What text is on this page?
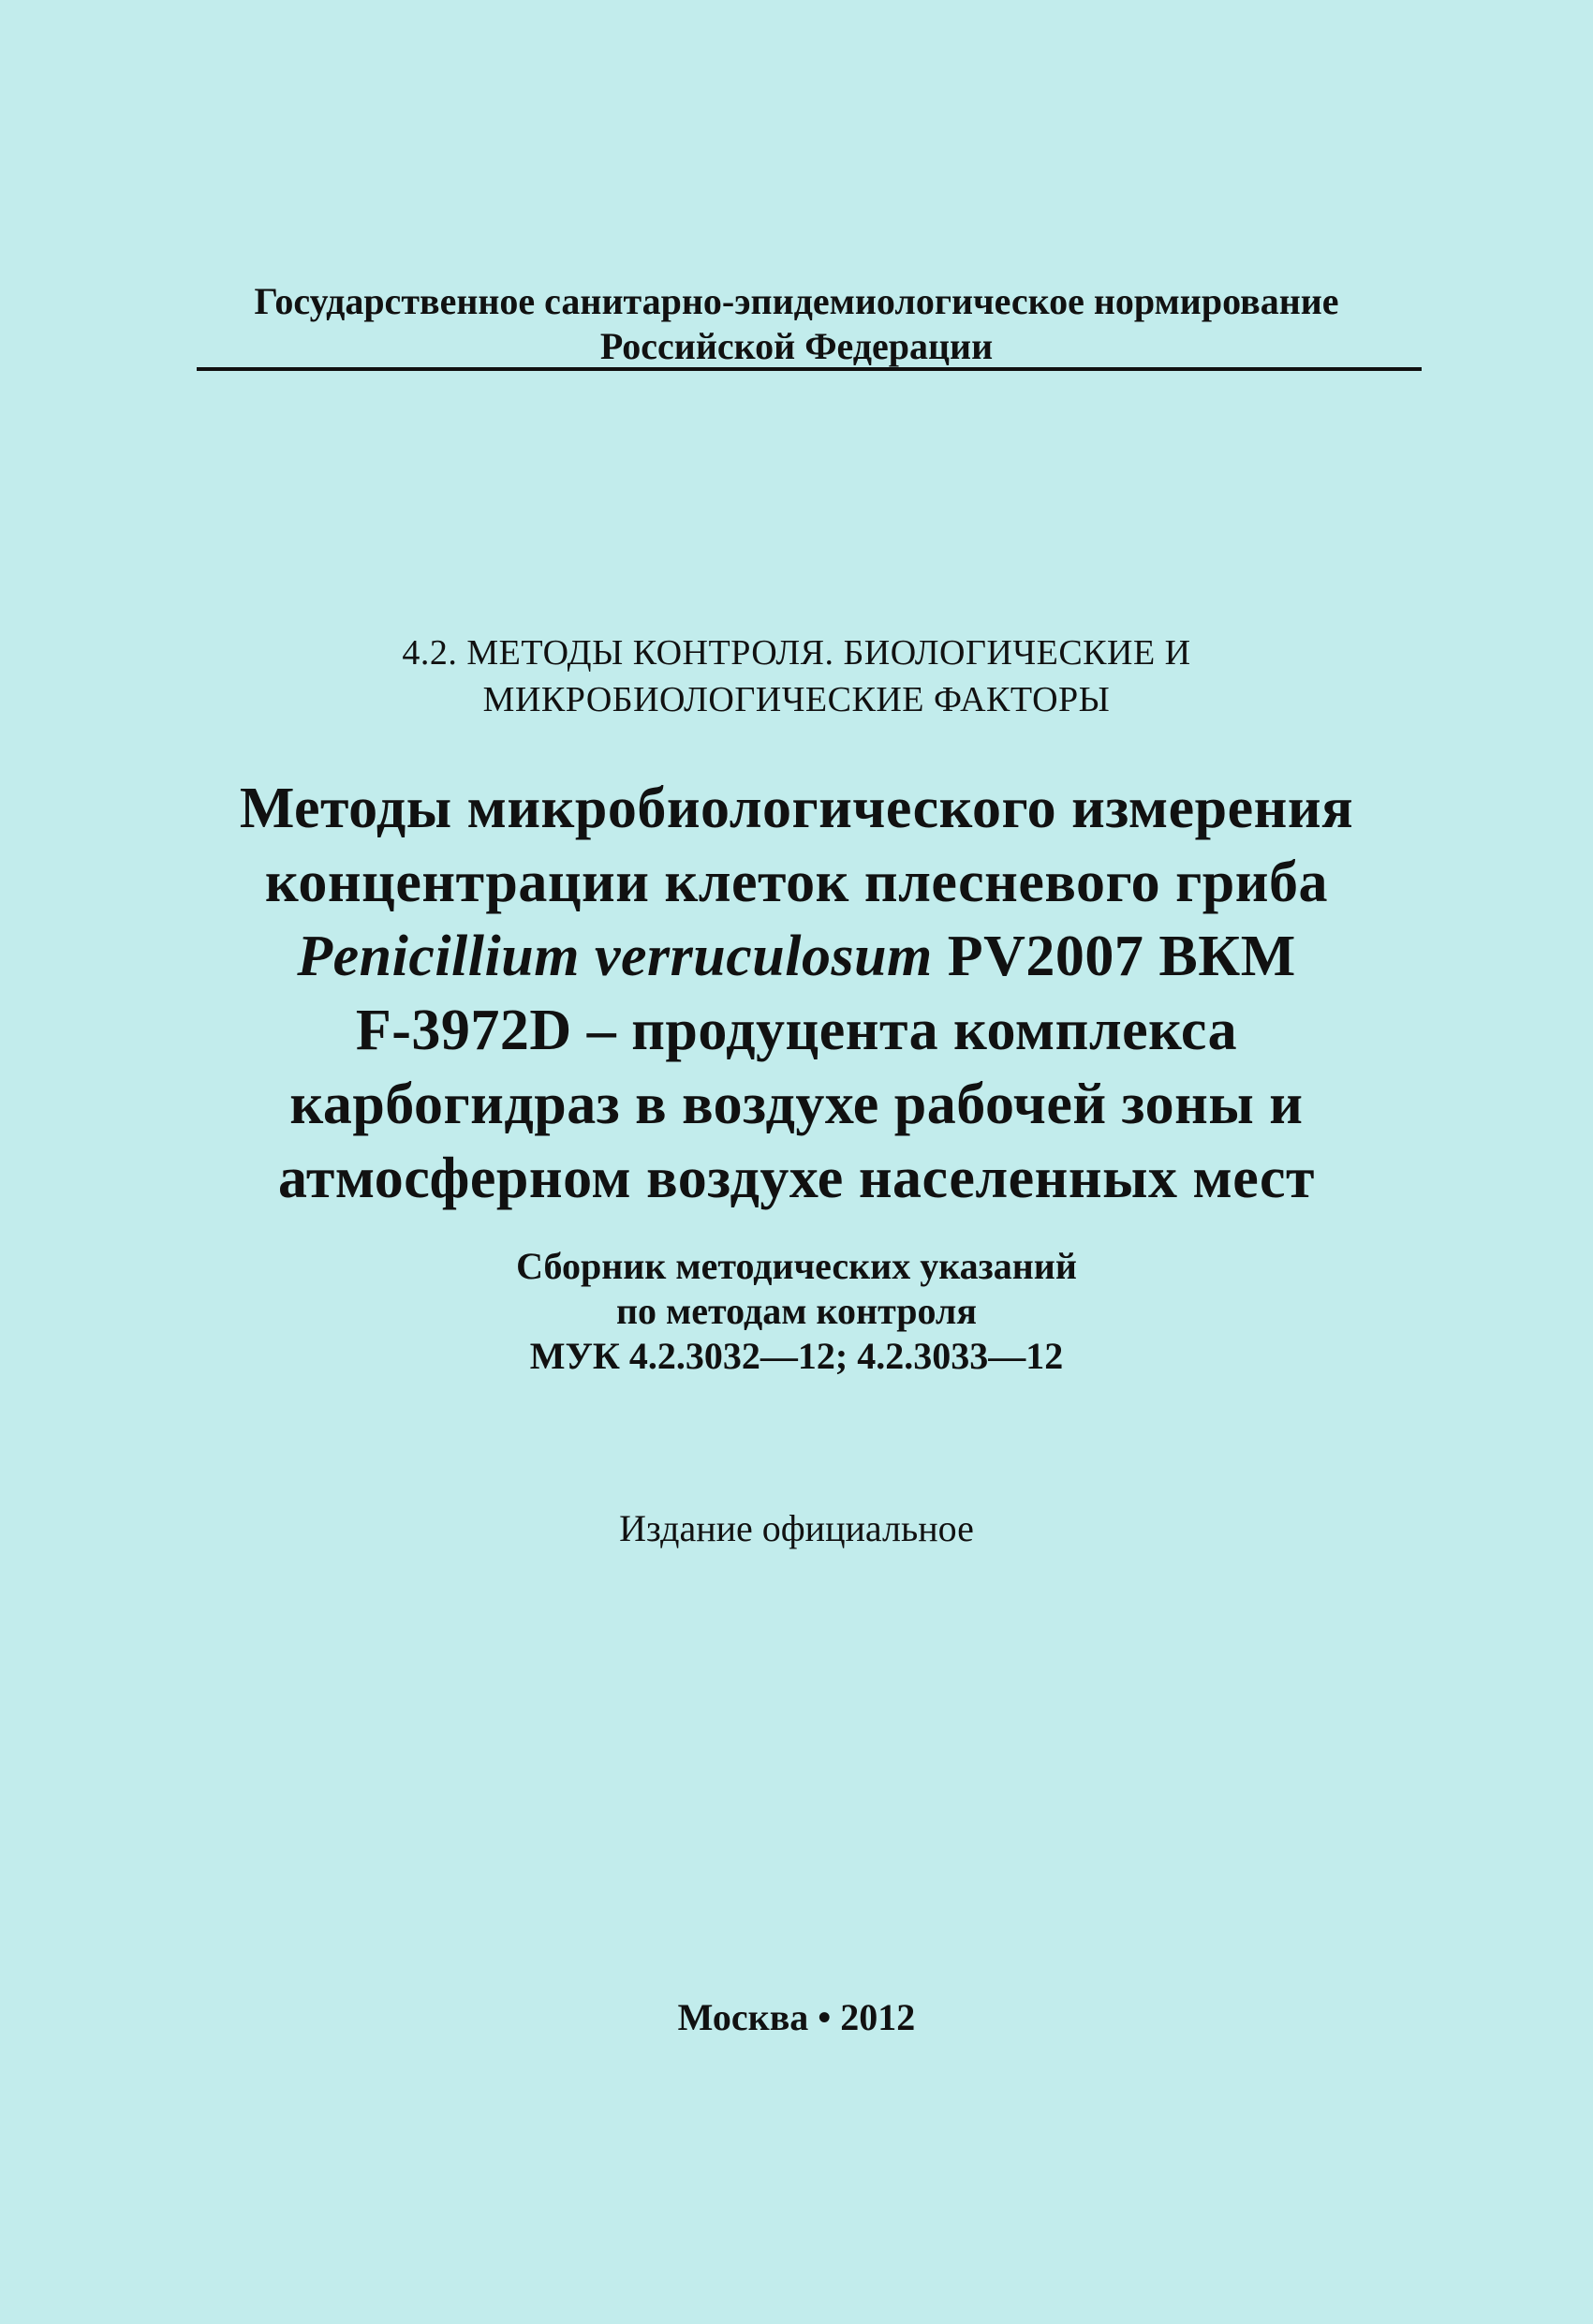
Государственное санитарно-эпидемиологическое нормирование
Российской Федерации
4.2. МЕТОДЫ КОНТРОЛЯ. БИОЛОГИЧЕСКИЕ И
МИКРОБИОЛОГИЧЕСКИЕ ФАКТОРЫ
Методы микробиологического измерения
концентрации клеток плесневого гриба
Penicillium verruculosum PV2007 ВКМ
F-3972D – продуцента комплекса
карбогидраз в воздухе рабочей зоны и
атмосферном воздухе населенных мест
Сборник методических указаний
по методам контроля
МУК 4.2.3032—12; 4.2.3033—12
Издание официальное
Москва • 2012
